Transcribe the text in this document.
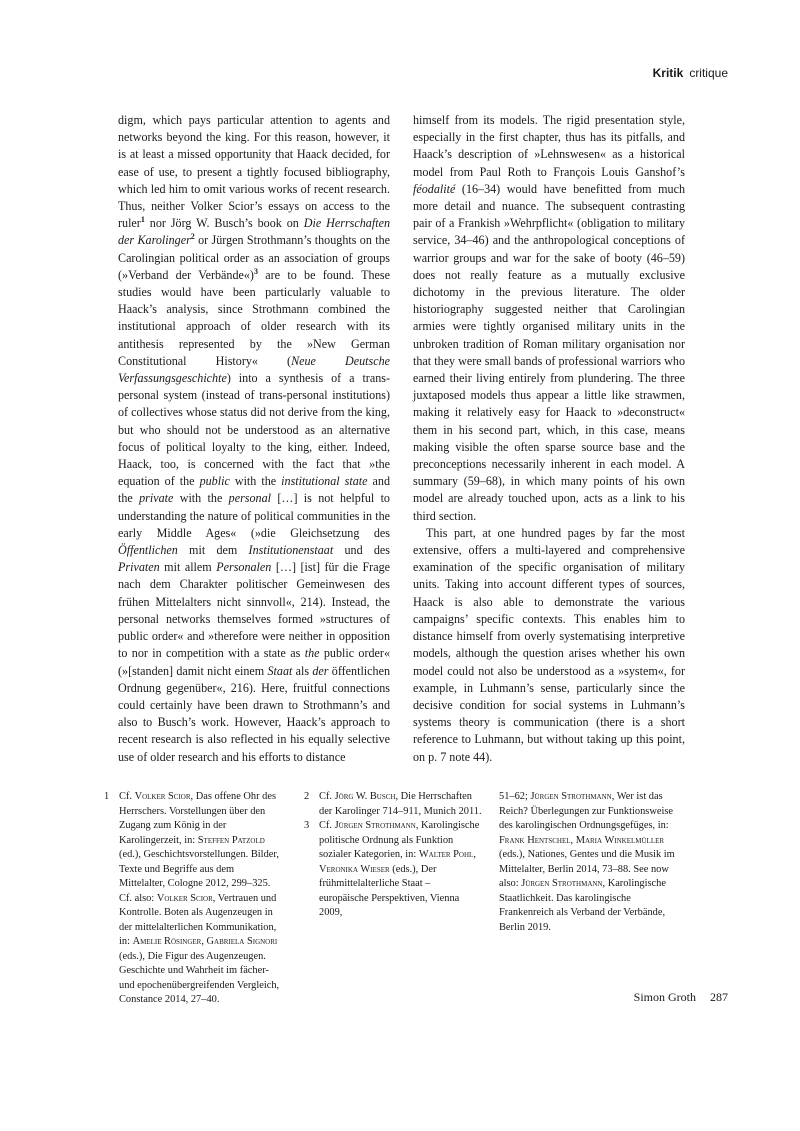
Kritik critique

digm, which pays particular attention to agents and networks beyond the king. For this reason, however, it is at least a missed opportunity that Haack decided, for ease of use, to present a tightly focused bibliography, which led him to omit various works of recent research. Thus, neither Volker Scior’s essays on access to the ruler$^1$ nor Jörg W. Busch’s book on Die Herrschaften der Karolinger$^2$ or Jürgen Strothmann’s thoughts on the Carolingian political order as an association of groups (»Verband der Verbände«)$^3$ are to be found. These studies would have been particularly valuable to Haack’s analysis, since Strothmann combined the institutional approach of older research with its antithesis represented by the »New German Constitutional History« (Neue Deutsche Verfassungsgeschichte) into a synthesis of a trans-personal system (instead of trans-personal institutions) of collectives whose status did not derive from the king, but who should not be understood as an alternative focus of political loyalty to the king, either. Indeed, Haack, too, is concerned with the fact that »the equation of the public with the institutional state and the private with the personal […] is not helpful to understanding the nature of political communities in the early Middle Ages« (»die Gleichsetzung des Öffentlichen mit dem Institutionenstaat und des Privaten mit allem Personalen […] [ist] für die Frage nach dem Charakter politischer Gemeinwesen des frühen Mittelalters nicht sinnvoll«, 214). Instead, the personal networks themselves formed »structures of public order« and »therefore were neither in opposition to nor in competition with a state as the public order« (»[standen] damit nicht einem Staat als der öffentlichen Ordnung gegenüber«, 216). Here, fruitful connections could certainly have been drawn to Strothmann’s and also to Busch’s work. However, Haack’s approach to recent research is also reflected in his equally selective use of older research and his efforts to distance

himself from its models. The rigid presentation style, especially in the first chapter, thus has its pitfalls, and Haack’s description of »Lehnswesen« as a historical model from Paul Roth to François Louis Ganshof’s féodalité (16–34) would have benefitted from much more detail and nuance. The subsequent contrasting pair of a Frankish »Wehrpflicht« (obligation to military service, 34–46) and the anthropological conceptions of warrior groups and war for the sake of booty (46–59) does not really feature as a mutually exclusive dichotomy in the previous literature. The older historiography suggested neither that Carolingian armies were tightly organised military units in the unbroken tradition of Roman military organisation nor that they were small bands of professional warriors who earned their living entirely from plundering. The three juxtaposed models thus appear a little like strawmen, making it relatively easy for Haack to »deconstruct« them in his second part, which, in this case, means making visible the often sparse source base and the preconceptions necessarily inherent in each model. A summary (59–68), in which many points of his own model are already touched upon, acts as a link to his third section.

This part, at one hundred pages by far the most extensive, offers a multi-layered and comprehensive examination of the specific organisation of military units. Taking into account different types of sources, Haack is also able to demonstrate the various campaigns’ specific contexts. This enables him to distance himself from overly systematising interpretive models, although the question arises whether his own model could not also be understood as a »system«, for example, in Luhmann’s sense, particularly since the decisive condition for social systems in Luhmann’s systems theory is communication (there is a short reference to Luhmann, but without taking up this point, on p. 7 note 44).

1 Cf. Volker Scior, Das offene Ohr des Herrschers. Vorstellungen über den Zugang zum König in der Karolingerzeit, in: Steffen Patzold (ed.), Geschichtsvorstellungen. Bilder, Texte und Begriffe aus dem Mittelalter, Cologne 2012, 299–325. Cf. also: Volker Scior, Vertrauen und Kontrolle. Boten als Augenzeugen in der mittelalterlichen Kommunikation, in: Amelie Rösinger, Gabriela Signori (eds.), Die Figur des Augenzeugen. Geschichte und Wahrheit im fächer- und epochenübergreifenden Vergleich, Constance 2014, 27–40.

2 Cf. Jörg W. Busch, Die Herrschaften der Karolinger 714–911, Munich 2011.

3 Cf. Jürgen Strothmann, Karolingische politische Ordnung als Funktion sozialer Kategorien, in: Walter Pohl, Veronika Wieser (eds.), Der frühmittelalterliche Staat – europäische Perspektiven, Vienna 2009,

51–62; Jürgen Strothmann, Wer ist das Reich? Überlegungen zur Funktionsweise des karolingischen Ordnungsgefüges, in: Frank Hentschel, Maria Winkelmüller (eds.), Nationes, Gentes und die Musik im Mittelalter, Berlin 2014, 73–88. See now also: Jürgen Strothmann, Karolingische Staatlichkeit. Das karolingische Frankenreich als Verband der Verbände, Berlin 2019.

Simon Groth 287
